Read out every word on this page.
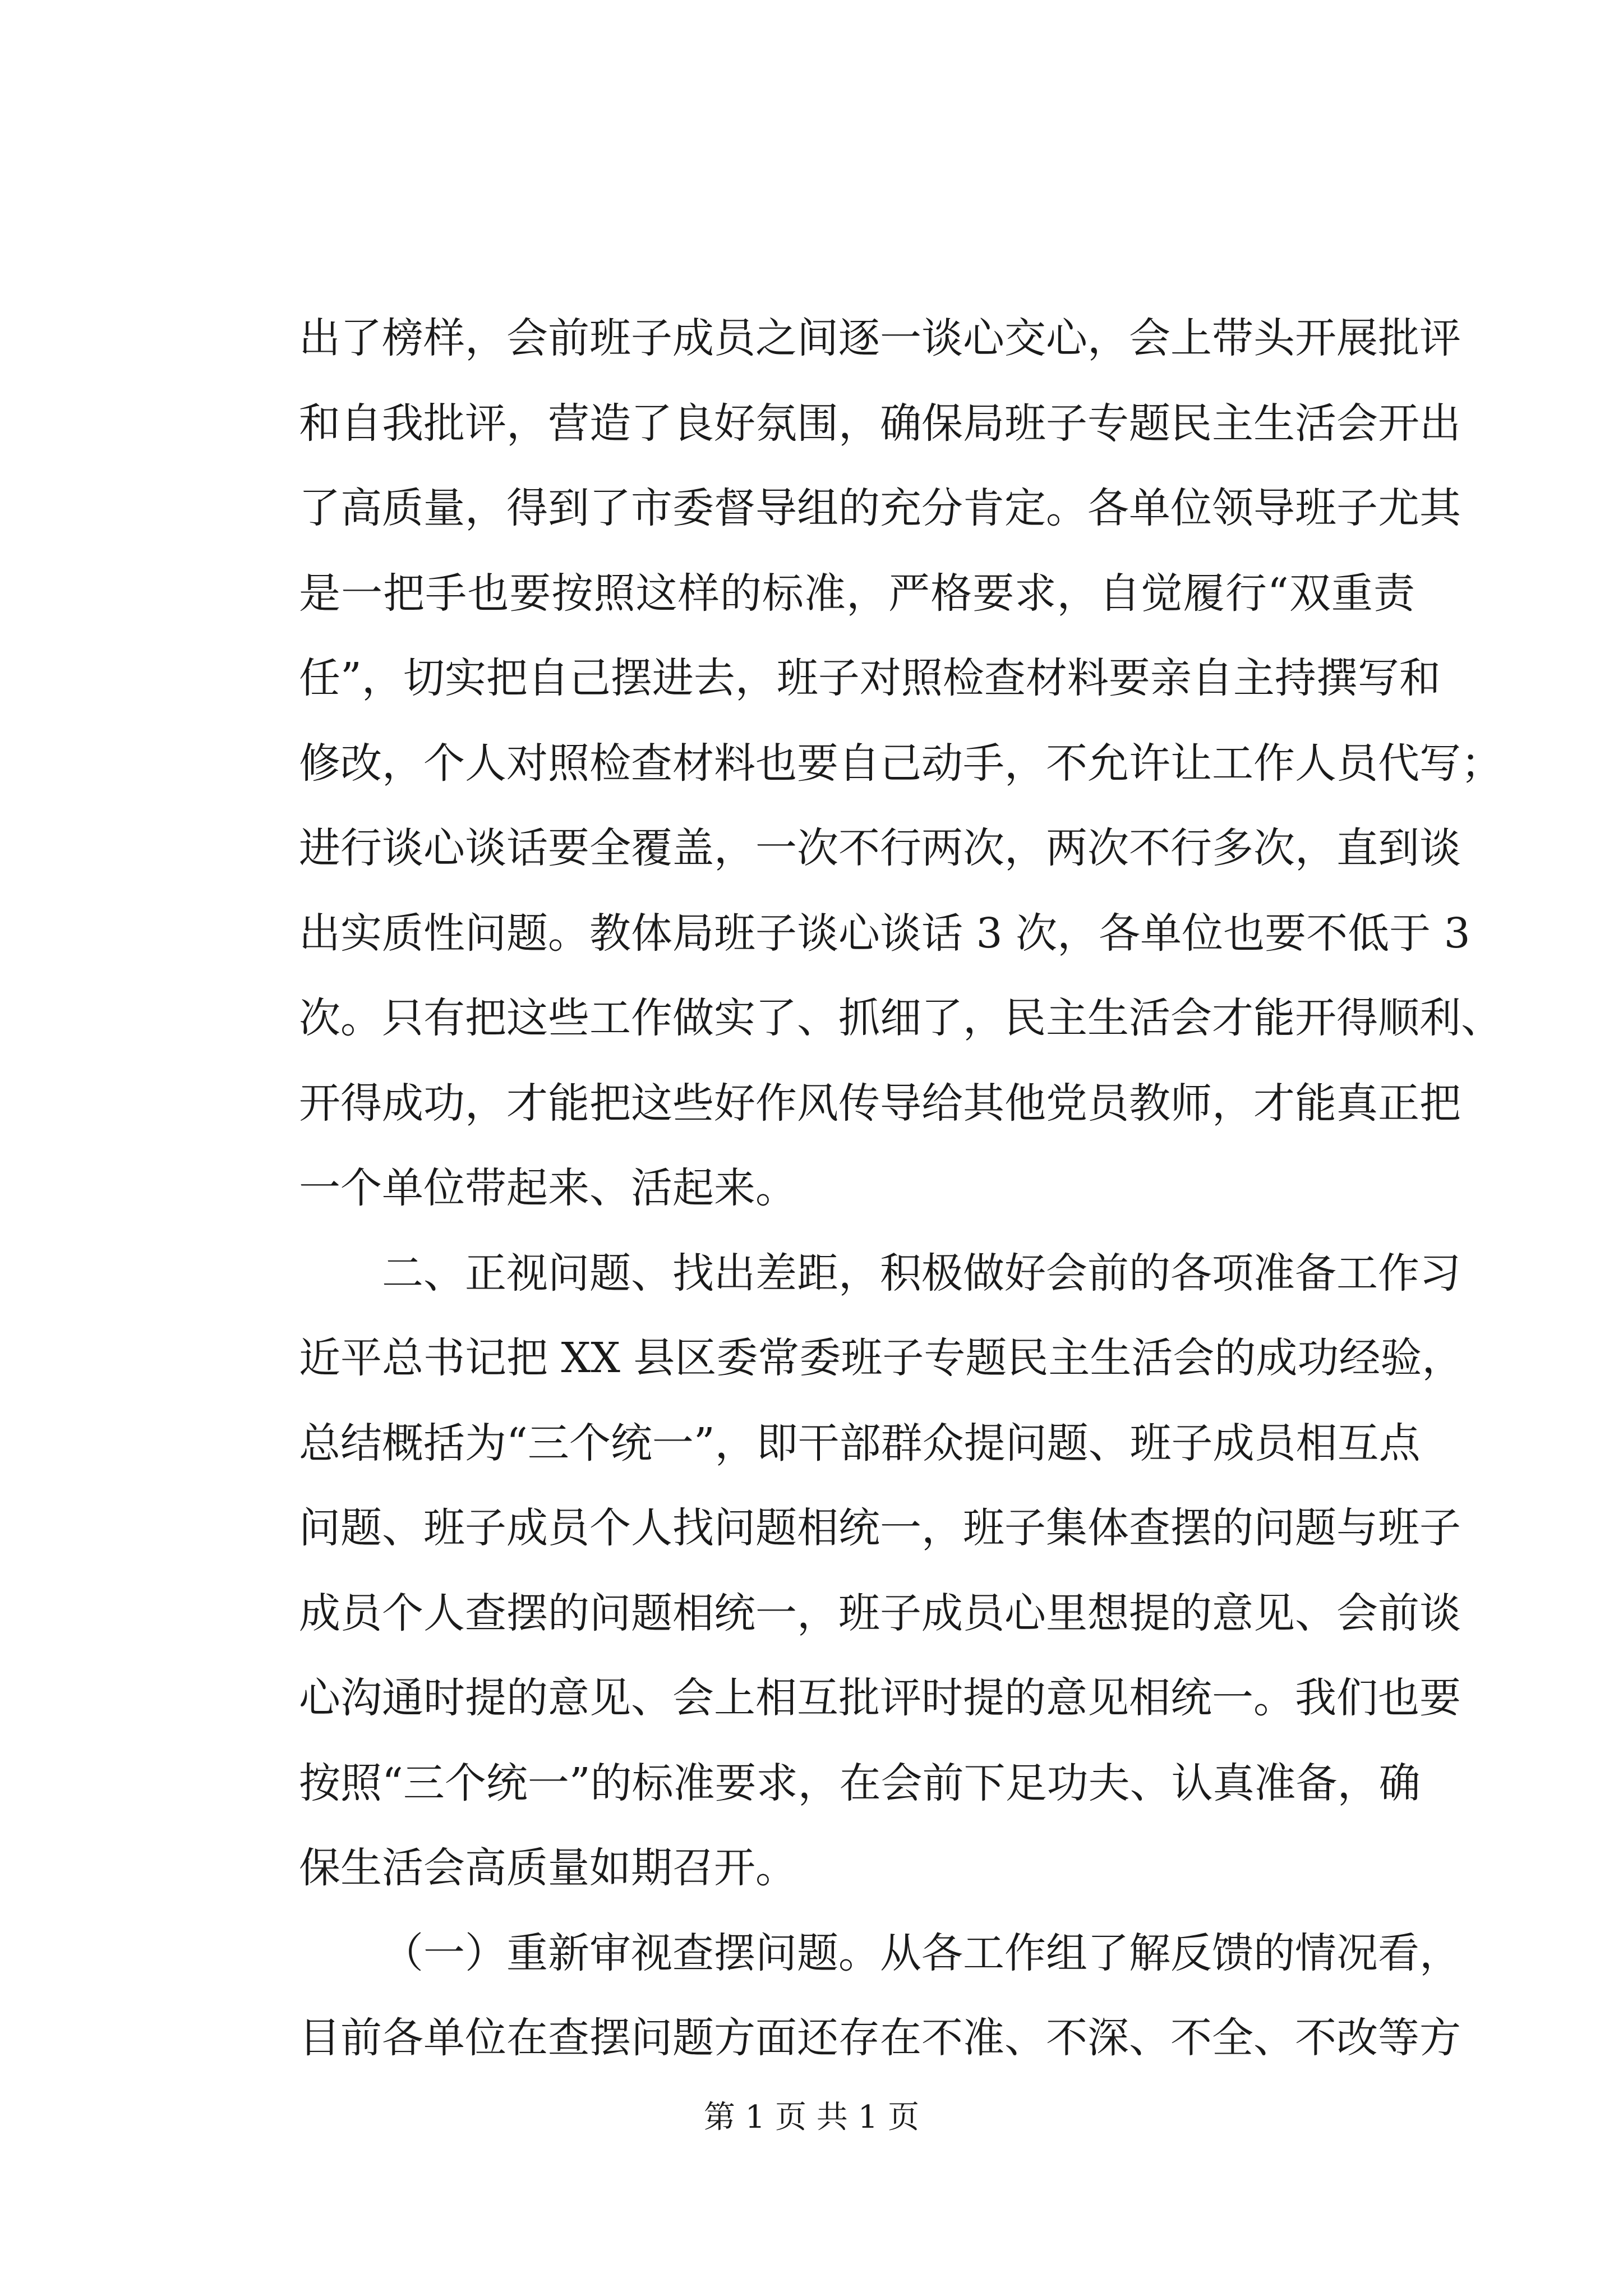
出了榜样，会前班子成员之间逐一谈心交心，会上带头开展批评
和自我批评，营造了良好氛围，确保局班子专题民主生活会开出
了高质量，得到了市委督导组的充分肯定。各单位领导班子尤其
是一把手也要按照这样的标准，严格要求，自觉履行“双重责
任”，切实把自己摆进去，班子对照检查材料要亲自主持撰写和
修改，个人对照检查材料也要自己动手，不允许让工作人员代写；
进行谈心谈话要全覆盖，一次不行两次，两次不行多次，直到谈
出实质性问题。教体局班子谈心谈话 3 次，各单位也要不低于 3
次。只有把这些工作做实了、抓细了，民主生活会才能开得顺利、
开得成功，才能把这些好作风传导给其他党员教师，才能真正把
一个单位带起来、活起来。
二、正视问题、找出差距，积极做好会前的各项准备工作习
近平总书记把 XX 县区委常委班子专题民主生活会的成功经验，
总结概括为“三个统一”，即干部群众提问题、班子成员相互点
问题、班子成员个人找问题相统一，班子集体查摆的问题与班子
成员个人查摆的问题相统一，班子成员心里想提的意见、会前谈
心沟通时提的意见、会上相互批评时提的意见相统一。我们也要
按照“三个统一”的标准要求，在会前下足功夫、认真准备，确
保生活会高质量如期召开。
（一）重新审视查摆问题。从各工作组了解反馈的情况看，
目前各单位在查摆问题方面还存在不准、不深、不全、不改等方
第 1 页 共 1 页
